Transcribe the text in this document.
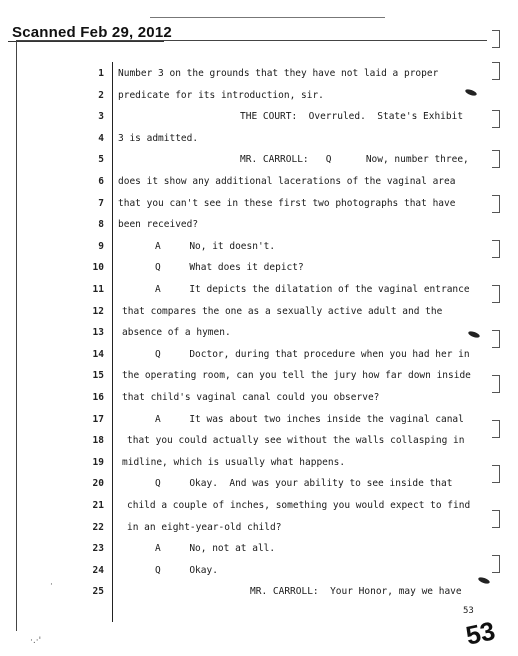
Scanned Feb 29, 2012
1 Number 3 on the grounds that they have not laid a proper
2 predicate for its introduction, sir.
3	THE COURT:  Overruled.  State's Exhibit
4 3 is admitted.
5	MR. CARROLL:   Q      Now, number three,
6 does it show any additional lacerations of the vaginal area
7 that you can't see in these first two photographs that have
8 been received?
9	A     No, it doesn't.
10	Q     What does it depict?
11	A     It depicts the dilatation of the vaginal entrance
12 that compares the one as a sexually active adult and the
13 absence of a hymen.
14	Q     Doctor, during that procedure when you had her in
15 the operating room, can you tell the jury how far down inside
16 that child's vaginal canal could you observe?
17	A     It was about two inches inside the vaginal canal
18 that you could actually see without the walls collasping in
19 midline, which is usually what happens.
20	Q     Okay.  And was your ability to see inside that
21 child a couple of inches, something you would expect to find
22 in an eight-year-old child?
23	A     No, not at all.
24	Q     Okay.
25	MR. CARROLL:  Your Honor, may we have
53
53
·.·'
·
